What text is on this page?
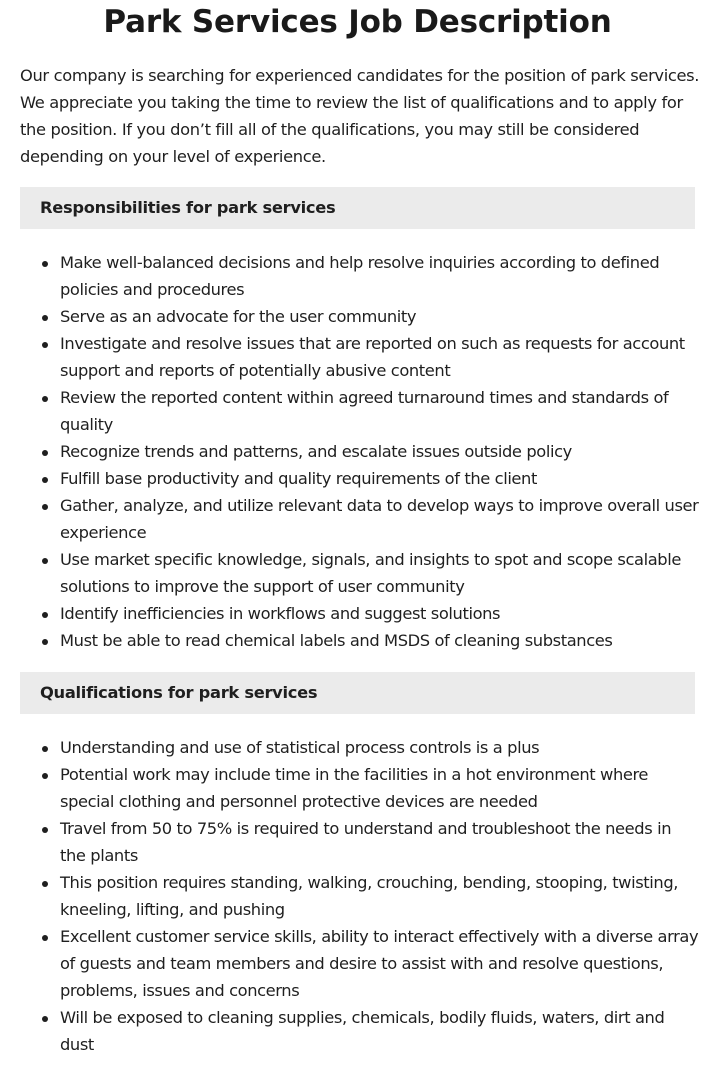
Park Services Job Description

Our company is searching for experienced candidates for the position of park services. We appreciate you taking the time to review the list of qualifications and to apply for the position. If you don’t fill all of the qualifications, you may still be considered depending on your level of experience.

Responsibilities for park services
Make well-balanced decisions and help resolve inquiries according to defined policies and procedures
Serve as an advocate for the user community
Investigate and resolve issues that are reported on such as requests for account support and reports of potentially abusive content
Review the reported content within agreed turnaround times and standards of quality
Recognize trends and patterns, and escalate issues outside policy
Fulfill base productivity and quality requirements of the client
Gather, analyze, and utilize relevant data to develop ways to improve overall user experience
Use market specific knowledge, signals, and insights to spot and scope scalable solutions to improve the support of user community
Identify inefficiencies in workflows and suggest solutions
Must be able to read chemical labels and MSDS of cleaning substances
Qualifications for park services
Understanding and use of statistical process controls is a plus
Potential work may include time in the facilities in a hot environment where special clothing and personnel protective devices are needed
Travel from 50 to 75% is required to understand and troubleshoot the needs in the plants
This position requires standing, walking, crouching, bending, stooping, twisting, kneeling, lifting, and pushing
Excellent customer service skills, ability to interact effectively with a diverse array of guests and team members and desire to assist with and resolve questions, problems, issues and concerns
Will be exposed to cleaning supplies, chemicals, bodily fluids, waters, dirt and dust
